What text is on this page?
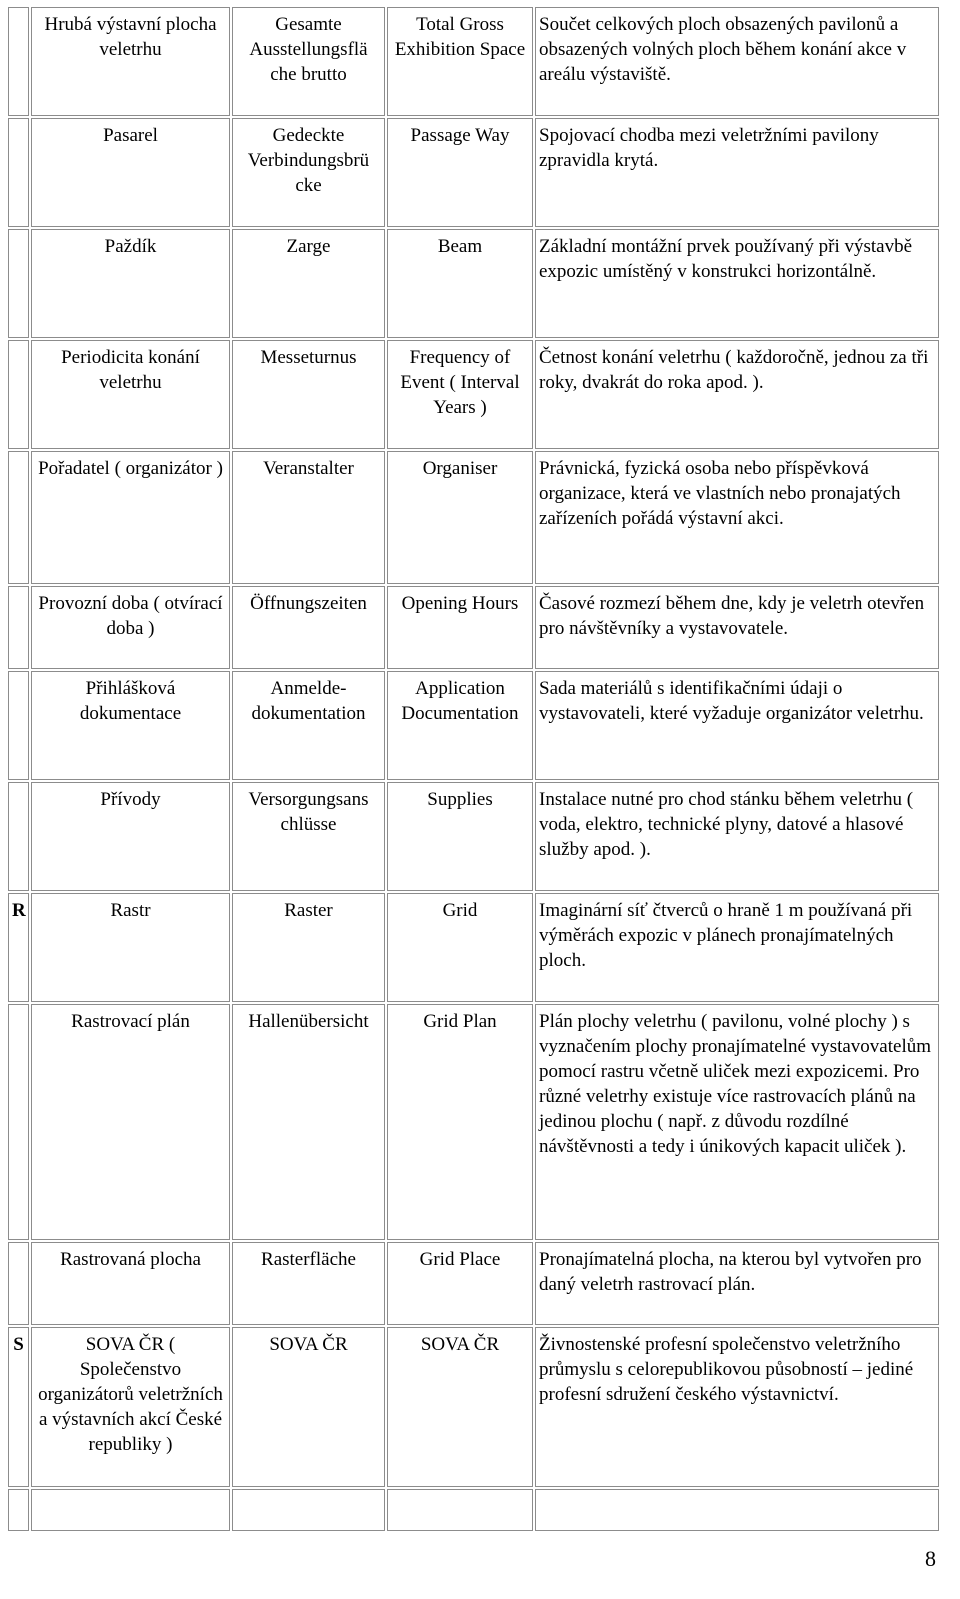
	Hrubá výstavní plocha veletrhu	Gesamte Ausstellungsflä che brutto	Total Gross Exhibition Space	Součet celkových ploch obsazených pavilonů a obsazených volných ploch během konání akce v areálu výstaviště.
	Pasarel	Gedeckte Verbindungsbrü cke	Passage Way	Spojovací chodba mezi veletržními pavilony zpravidla krytá.
	Paždík	Zarge	Beam	Základní montážní prvek používaný při výstavbě expozic umístěný v konstrukci horizontálně.
	Periodicita konání veletrhu	Messeturnus	Frequency of Event ( Interval Years )	Četnost konání veletrhu ( každoročně, jednou za tři roky, dvakrát do roka apod. ).
	Pořadatel ( organizátor )	Veranstalter	Organiser	Právnická, fyzická osoba nebo příspěvková organizace, která ve vlastních nebo pronajatých zařízeních pořádá výstavní akci.
	Provozní doba ( otvírací doba )	Öffnungszeiten	Opening Hours	Časové rozmezí během dne, kdy je veletrh otevřen pro návštěvníky a vystavovatele.
	Přihlášková dokumentace	Anmelde-dokumentation	Application Documentation	Sada materiálů s identifikačními údaji o vystavovateli, které vyžaduje organizátor veletrhu.
	Přívody	Versorgungsans chlüsse	Supplies	Instalace nutné pro chod stánku během veletrhu ( voda, elektro, technické plyny, datové a hlasové služby apod. ).
R	Rastr	Raster	Grid	Imaginární síť čtverců o hraně 1 m používaná při výměrách expozic v plánech pronajímatelných ploch.
	Rastrovací plán	Hallenübersicht	Grid Plan	Plán plochy veletrhu ( pavilonu, volné plochy ) s vyznačením plochy pronajímatelné vystavovatelům pomocí rastru včetně uliček mezi expozicemi. Pro různé veletrhy existuje více rastrovacích plánů na jedinou plochu ( např. z důvodu rozdílné návštěvnosti a tedy i únikových kapacit uliček ).
	Rastrovaná plocha	Rasterfläche	Grid Place	Pronajímatelná plocha, na kterou byl vytvořen pro daný veletrh rastrovací plán.
S	SOVA ČR ( Společenstvo organizátorů veletržních a výstavních akcí České republiky )	SOVA ČR	SOVA ČR	Živnostenské profesní společenstvo veletržního průmyslu s celorepublikovou působností – jediné profesní sdružení českého výstavnictví.

8
